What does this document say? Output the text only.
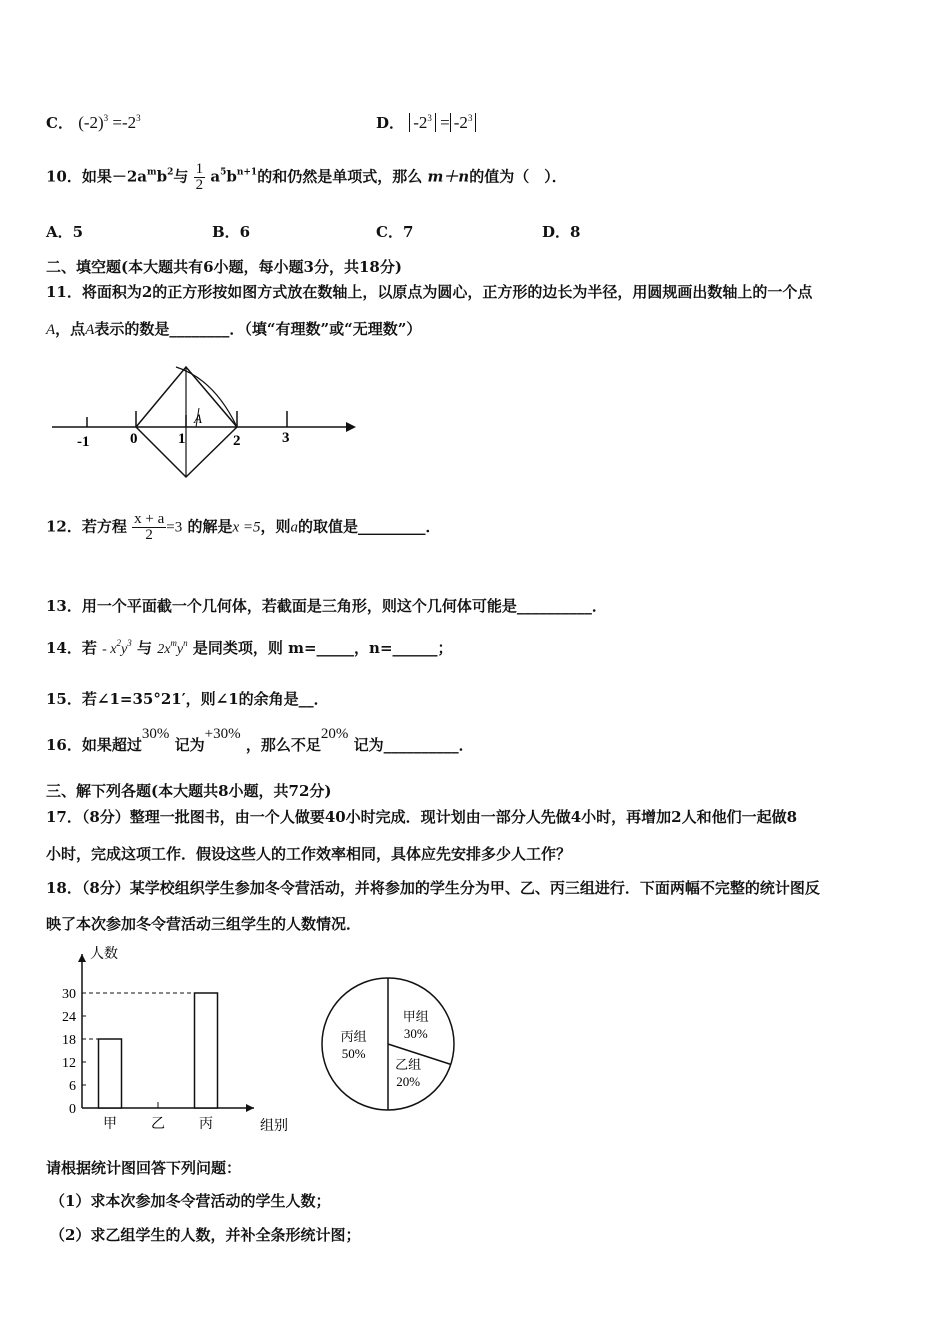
C． $(-2)^3 =-2^3$	D． $-2^3 = -2^3$
10．如果$-2a^mb^2$与 $\frac{1}{2} a^5b^{n+1}$的和仍然是单项式，那么 m＋n的值为（　）．
A．5	B．6	C．7	D．8
二、填空题(本大题共有6小题，每小题3分，共18分)
11．将面积为2的正方形按如图方式放在数轴上，以原点为圆心，正方形的边长为半径，用圆规画出数轴上的一个点
A，点A表示的数是________．（填“有理数”或“无理数”）
A
-1	0	1	2	3
12．若方程 $\frac{x + a}{2} =3$ 的解是x =5，则a的取值是_________．
13．用一个平面截一个几何体，若截面是三角形，则这个几何体可能是__________．
14．若 - $x^2y^3$ 与 $2x^my^n$ 是同类项，则 m=_____，n=______；
15．若∠1=35°21′，则∠1的余角是__．
16．如果超过30% 记为+30% ，那么不足20% 记为__________．
三、解下列各题(本大题共8小题，共72分)
17．（8分）整理一批图书，由一个人做要40小时完成．现计划由一部分人先做4小时，再增加2人和他们一起做8
小时，完成这项工作．假设这些人的工作效率相同，具体应先安排多少人工作？
18．（8分）某学校组织学生参加冬令营活动，并将参加的学生分为甲、乙、丙三组进行．下面两幅不完整的统计图反
映了本次参加冬令营活动三组学生的人数情况．
人数
组别
0
6
12
18
24
30
甲 乙 丙
甲组
30%
乙组
20%
丙组
50%
请根据统计图回答下列问题：
（1）求本次参加冬令营活动的学生人数；
（2）求乙组学生的人数，并补全条形统计图；
